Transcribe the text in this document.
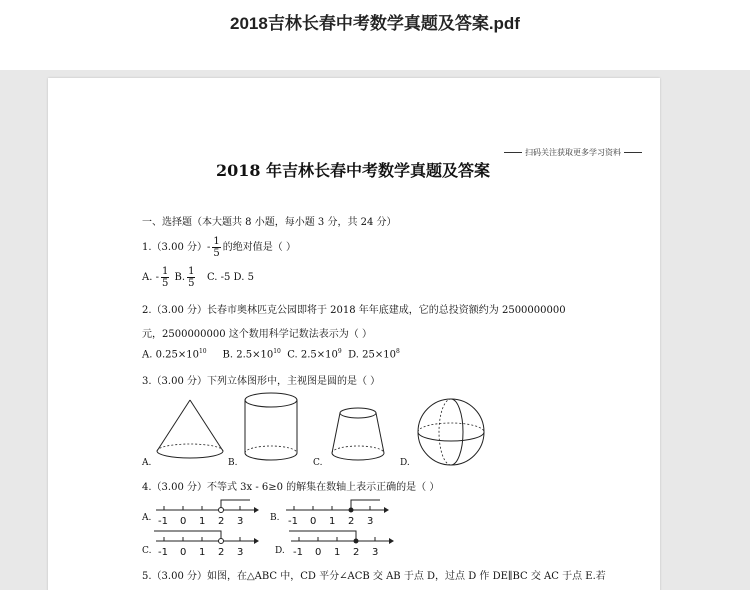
2018吉林长春中考数学真题及答案.pdf
扫码关注获取更多学习资料
2018 年吉林长春中考数学真题及答案
一、选择题（本大题共 8 小题，每小题 3 分，共 24 分）
1.（3.00 分）- $\frac{1}{5}$ 的绝对值是（ ）
A. - $\frac{1}{5} B$. $\frac{1}{5} C$. -5 D. 5
2.（3.00 分）长春市奥林匹克公园即将于 2018 年年底建成，它的总投资额约为 2500000000
元，2500000000 这个数用科学记数法表示为（ ）
A. $0.25\times 10^{10}$ B. $2.5\times 10^{10}$ C. $2.5\times 10^9$ D. $25\times 10^8$
3.（3.00 分）下列立体图形中，主视图是圆的是（ ）
A.	B.	C.	D.
4.（3.00 分）不等式 3x - 6≥0 的解集在数轴上表示正确的是（ ）
A. -1 0 1 2 3	B. -1 0 1 2 3
C. -1 0 1 2 3	D. -1 0 1 2 3
5.（3.00 分）如图，在△ABC 中，CD 平分∠ACB 交 AB 于点 D，过点 D 作 DE∥BC 交 AC 于点 E.若
